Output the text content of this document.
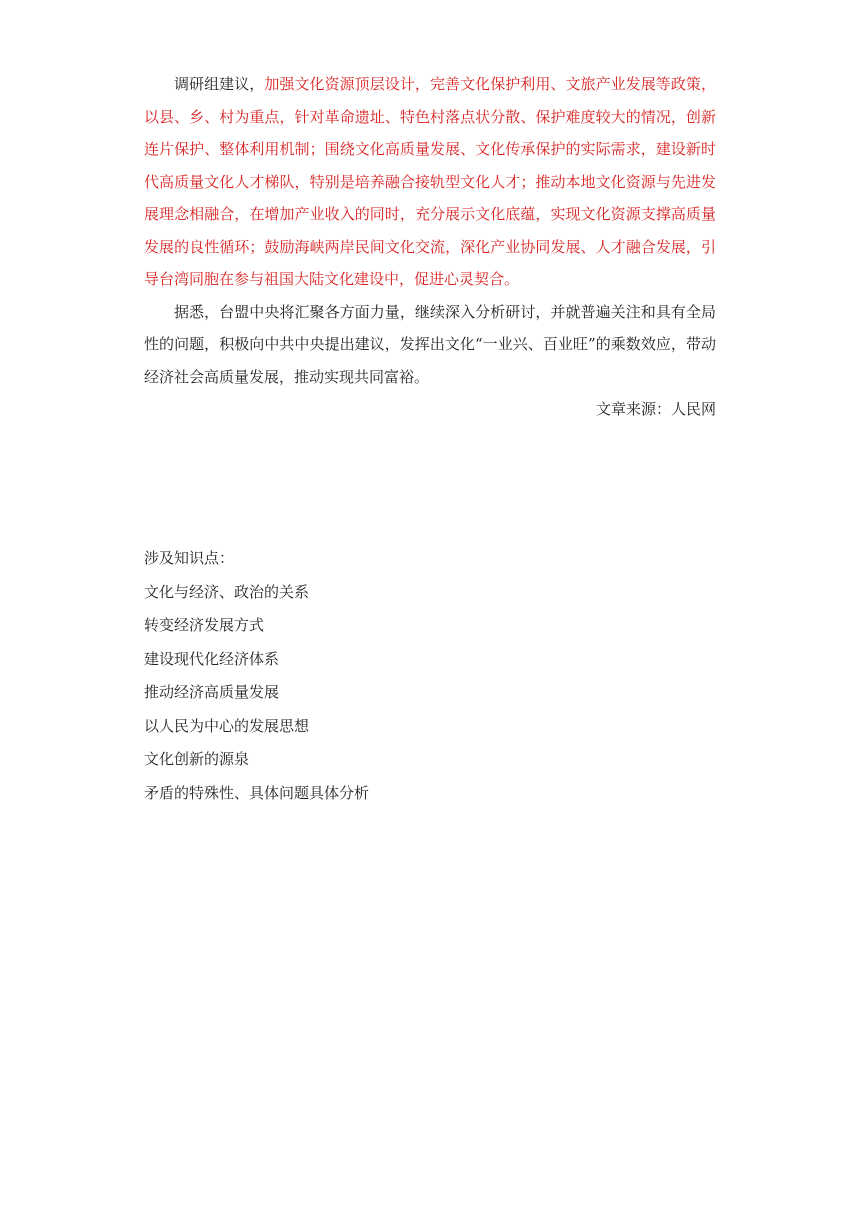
调研组建议，加强文化资源顶层设计，完善文化保护利用、文旅产业发展等政策，以县、乡、村为重点，针对革命遗址、特色村落点状分散、保护难度较大的情况，创新连片保护、整体利用机制；围绕文化高质量发展、文化传承保护的实际需求，建设新时代高质量文化人才梯队，特别是培养融合接轨型文化人才；推动本地文化资源与先进发展理念相融合，在增加产业收入的同时，充分展示文化底蕴，实现文化资源支撑高质量发展的良性循环；鼓励海峡两岸民间文化交流，深化产业协同发展、人才融合发展，引导台湾同胞在参与祖国大陆文化建设中，促进心灵契合。

据悉，台盟中央将汇聚各方面力量，继续深入分析研讨，并就普遍关注和具有全局性的问题，积极向中共中央提出建议，发挥出文化“一业兴、百业旺”的乘数效应，带动经济社会高质量发展，推动实现共同富裕。

文章来源：人民网

涉及知识点：

文化与经济、政治的关系
转变经济发展方式
建设现代化经济体系
推动经济高质量发展
以人民为中心的发展思想
文化创新的源泉
矛盾的特殊性、具体问题具体分析
